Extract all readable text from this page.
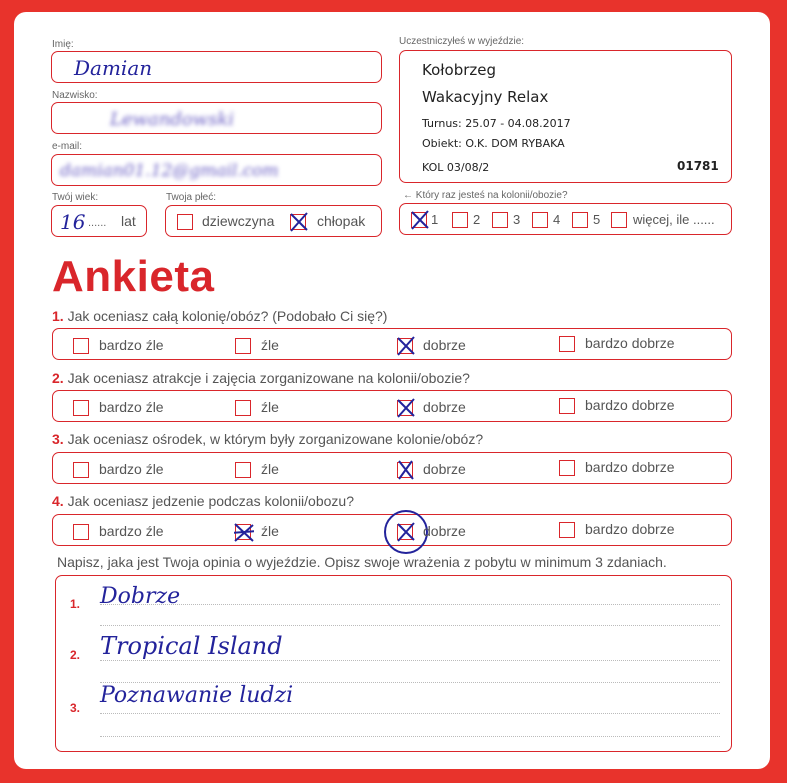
Imię:
Damian
Nazwisko:
Lewandowski
e-mail:
damian01.12@gmail.com
Twój wiek:
16 ...... lat
Twoja płeć:
dziewczyna	chłopak
Uczestniczyłeś w wyjeździe:
Kołobrzeg
Wakacyjny Relax
Turnus: 25.07 - 04.08.2017
Obiekt: O.K. DOM RYBAKA
KOL 03/08/2	01781
← Który raz jesteś na kolonii/obozie?
1	2	3	4	5	więcej, ile ......
Ankieta
1. Jak oceniasz całą kolonię/obóz? (Podobało Ci się?)
bardzo źle	źle	dobrze	bardzo dobrze
2. Jak oceniasz atrakcje i zajęcia zorganizowane na kolonii/obozie?
bardzo źle	źle	dobrze	bardzo dobrze
3. Jak oceniasz ośrodek, w którym były zorganizowane kolonie/obóz?
bardzo źle	źle	dobrze	bardzo dobrze
4. Jak oceniasz jedzenie podczas kolonii/obozu?
bardzo źle	źle	dobrze	bardzo dobrze
Napisz, jaka jest Twoja opinia o wyjeździe. Opisz swoje wrażenia z pobytu w minimum 3 zdaniach.
1. Dobrze
2. Tropical Island
3. Poznawanie ludzi
